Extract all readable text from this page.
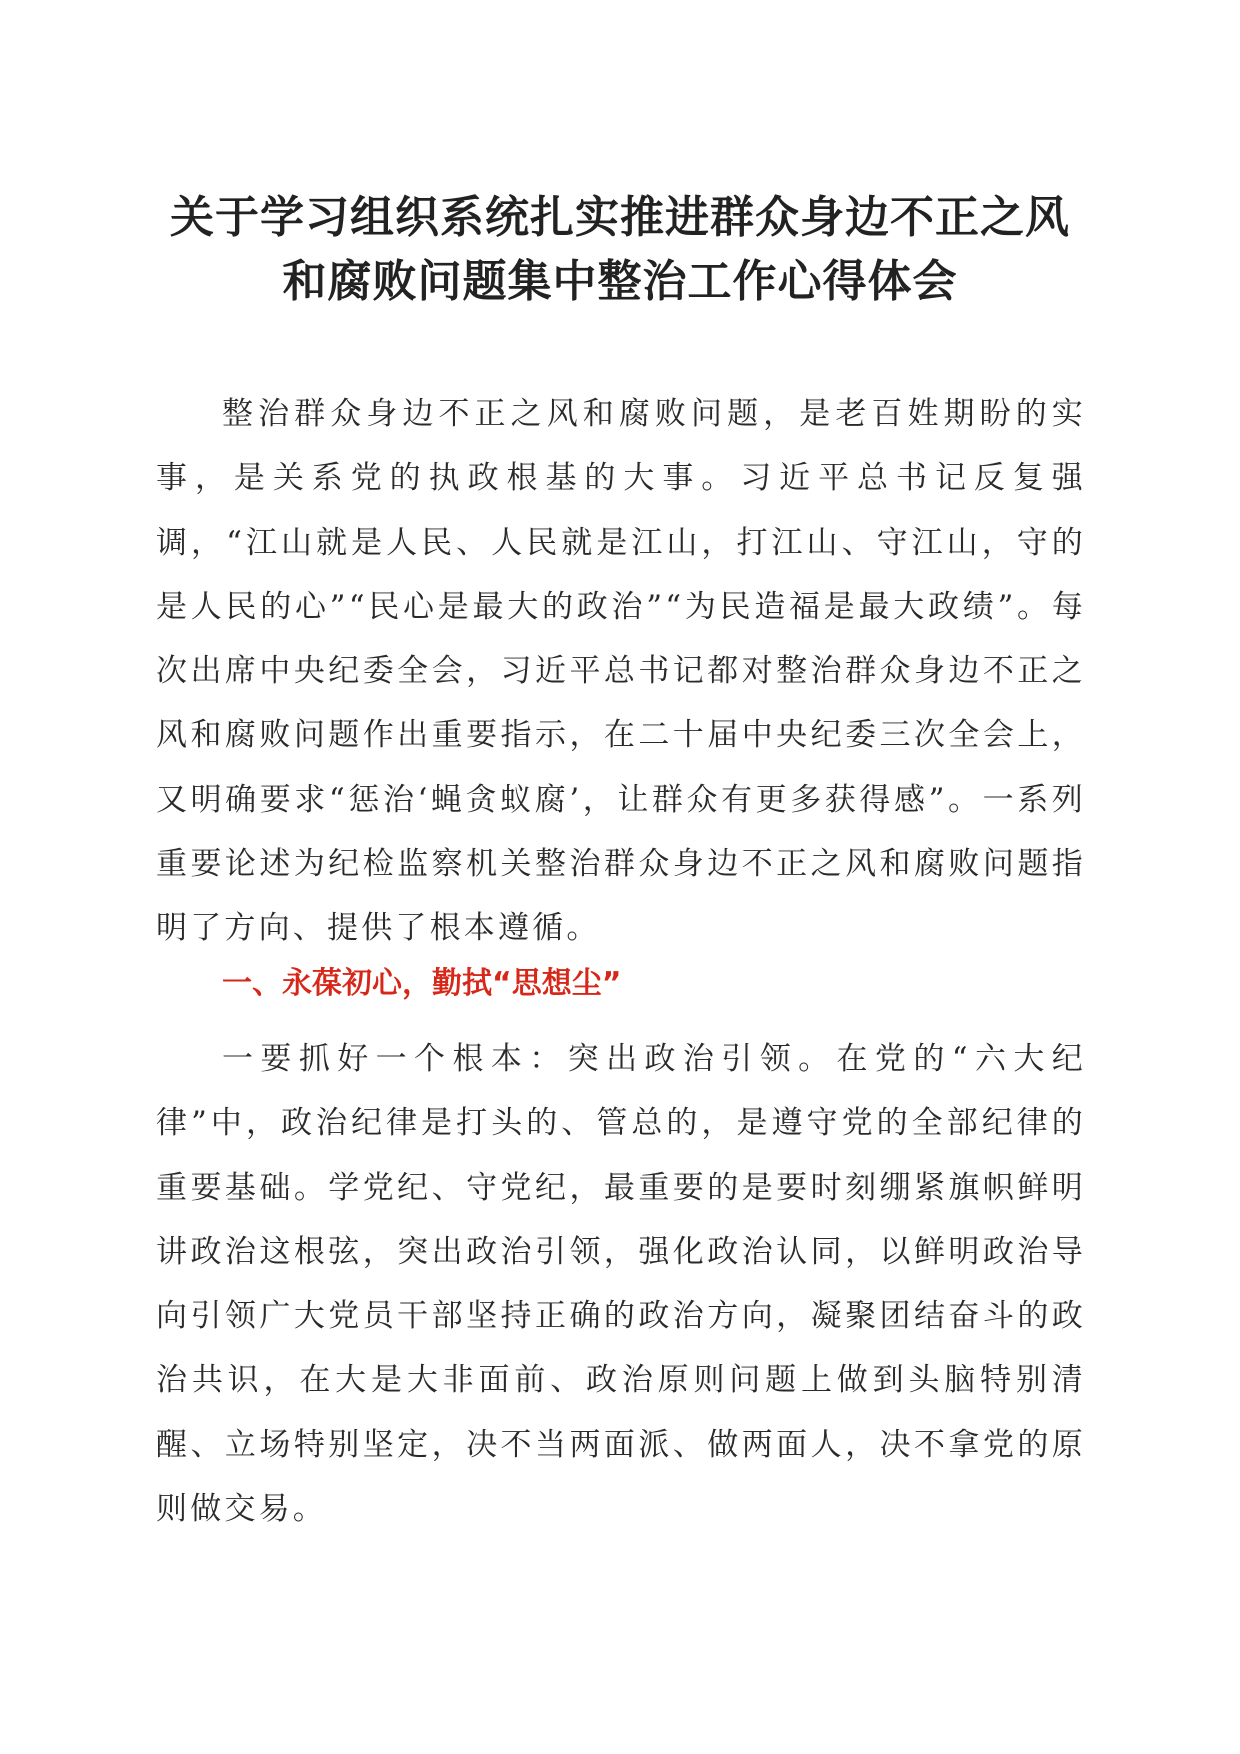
关于学习组织系统扎实推进群众身边不正之风
和腐败问题集中整治工作心得体会

整治群众身边不正之风和腐败问题，是老百姓期盼的实事，是关系党的执政根基的大事。习近平总书记反复强调，“江山就是人民、人民就是江山，打江山、守江山，守的是人民的心”“民心是最大的政治”“为民造福是最大政绩”。每次出席中央纪委全会，习近平总书记都对整治群众身边不正之风和腐败问题作出重要指示，在二十届中央纪委三次全会上，又明确要求“惩治‘蝇贪蚁腐’，让群众有更多获得感”。一系列重要论述为纪检监察机关整治群众身边不正之风和腐败问题指明了方向、提供了根本遵循。

一、永葆初心，勤拭“思想尘”

一要抓好一个根本：突出政治引领。在党的“六大纪律”中，政治纪律是打头的、管总的，是遵守党的全部纪律的重要基础。学党纪、守党纪，最重要的是要时刻绷紧旗帜鲜明讲政治这根弦，突出政治引领，强化政治认同，以鲜明政治导向引领广大党员干部坚持正确的政治方向，凝聚团结奋斗的政治共识，在大是大非面前、政治原则问题上做到头脑特别清醒、立场特别坚定，决不当两面派、做两面人，决不拿党的原则做交易。
